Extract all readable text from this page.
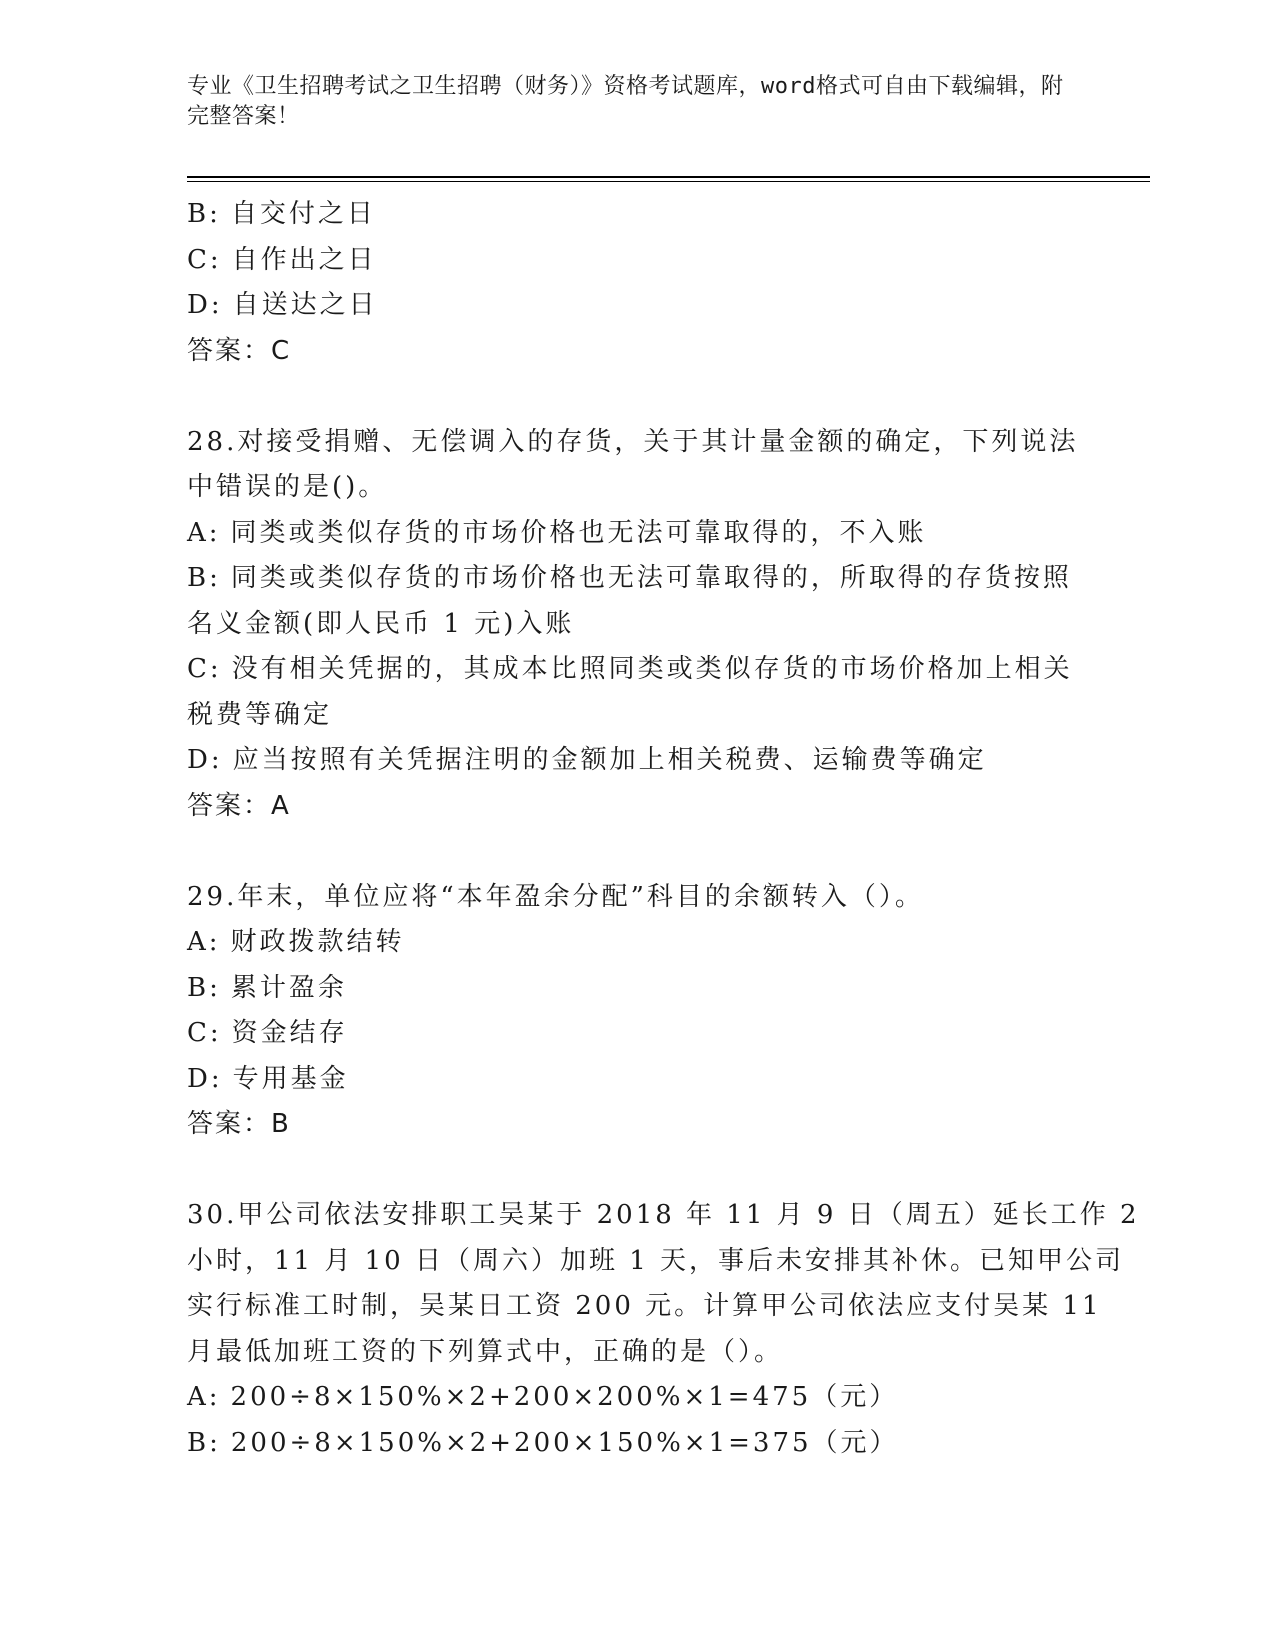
专业《卫生招聘考试之卫生招聘（财务）》资格考试题库，word格式可自由下载编辑，附完整答案！
B: 自交付之日
C: 自作出之日
D: 自送达之日
答案：C
28.对接受捐赠、无偿调入的存货，关于其计量金额的确定，下列说法
中错误的是()。
A: 同类或类似存货的市场价格也无法可靠取得的，不入账
B: 同类或类似存货的市场价格也无法可靠取得的，所取得的存货按照
名义金额(即人民币 1 元)入账
C: 没有相关凭据的，其成本比照同类或类似存货的市场价格加上相关
税费等确定
D: 应当按照有关凭据注明的金额加上相关税费、运输费等确定
答案：A
29.年末，单位应将“本年盈余分配”科目的余额转入（）。
A: 财政拨款结转
B: 累计盈余
C: 资金结存
D: 专用基金
答案：B
30.甲公司依法安排职工吴某于 2018 年 11 月 9 日（周五）延长工作 2
小时，11 月 10 日（周六）加班 1 天，事后未安排其补休。已知甲公司
实行标准工时制，吴某日工资 200 元。计算甲公司依法应支付吴某 11
月最低加班工资的下列算式中，正确的是（）。
A: 200÷8×150%×2+200×200%×1=475（元）
B: 200÷8×150%×2+200×150%×1=375（元）
